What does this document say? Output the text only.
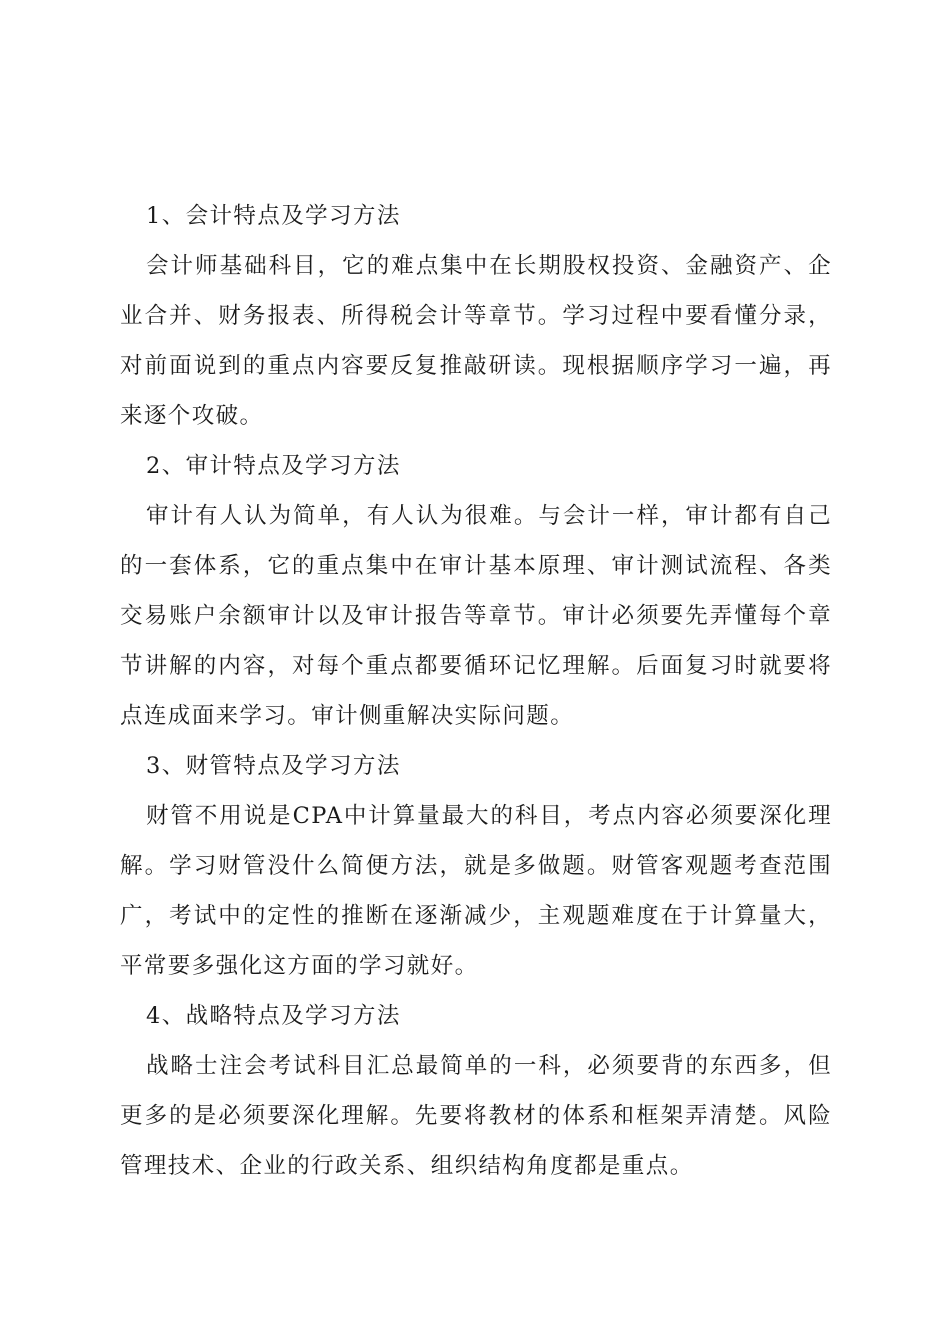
1、会计特点及学习方法

会计师基础科目，它的难点集中在长期股权投资、金融资产、企业合并、财务报表、所得税会计等章节。学习过程中要看懂分录，对前面说到的重点内容要反复推敲研读。现根据顺序学习一遍，再来逐个攻破。

2、审计特点及学习方法

审计有人认为简单，有人认为很难。与会计一样，审计都有自己的一套体系，它的重点集中在审计基本原理、审计测试流程、各类交易账户余额审计以及审计报告等章节。审计必须要先弄懂每个章节讲解的内容，对每个重点都要循环记忆理解。后面复习时就要将点连成面来学习。审计侧重解决实际问题。

3、财管特点及学习方法

财管不用说是CPA中计算量最大的科目，考点内容必须要深化理解。学习财管没什么简便方法，就是多做题。财管客观题考查范围广，考试中的定性的推断在逐渐减少，主观题难度在于计算量大，平常要多强化这方面的学习就好。

4、战略特点及学习方法

战略士注会考试科目汇总最简单的一科，必须要背的东西多，但更多的是必须要深化理解。先要将教材的体系和框架弄清楚。风险管理技术、企业的行政关系、组织结构角度都是重点。
